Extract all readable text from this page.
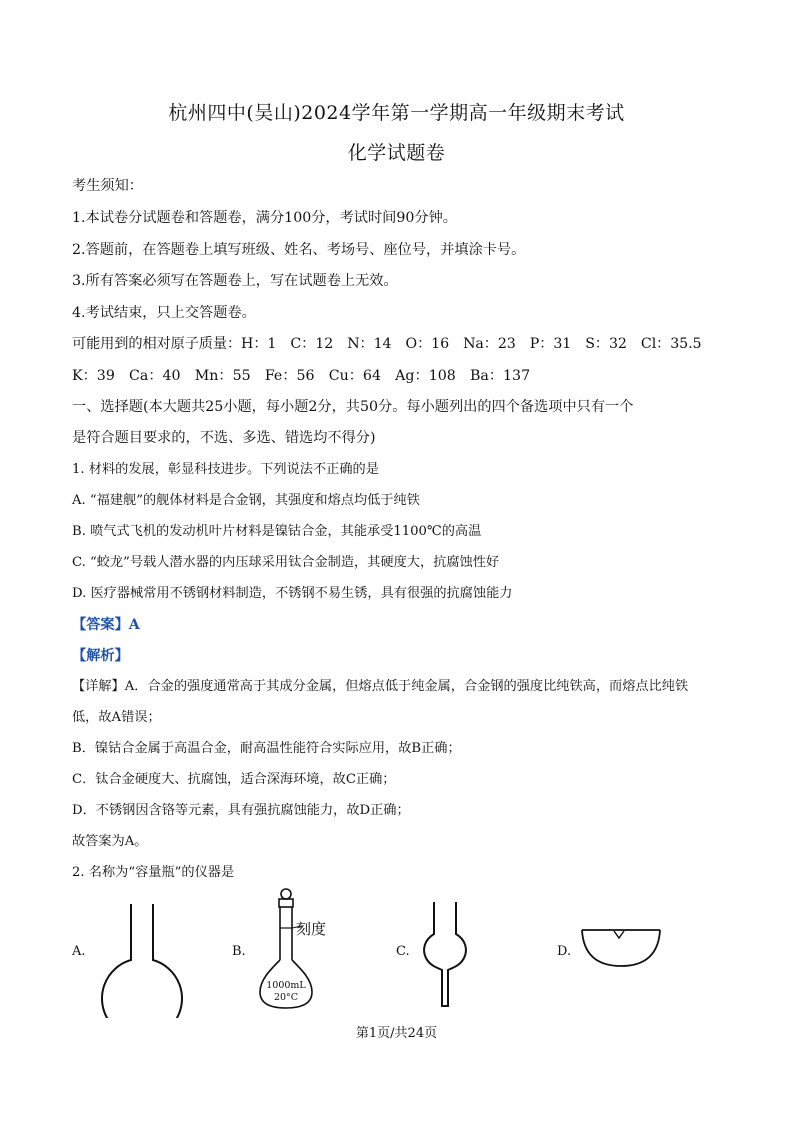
杭州四中(吴山)2024学年第一学期高一年级期末考试
化学试题卷
考生须知：
1.本试卷分试题卷和答题卷，满分100分，考试时间90分钟。
2.答题前，在答题卷上填写班级、姓名、考场号、座位号，并填涂卡号。
3.所有答案必须写在答题卷上，写在试题卷上无效。
4.考试结束，只上交答题卷。
可能用到的相对原子质量：H：1　C：12　N：14　O：16　Na：23　P：31　S：32　Cl：35.5
K：39　Ca：40　Mn：55　Fe：56　Cu：64　Ag：108　Ba：137
一、选择题(本大题共25小题，每小题2分，共50分。每小题列出的四个备选项中只有一个
是符合题目要求的，不选、多选、错选均不得分)
1. 材料的发展，彰显科技进步。下列说法不正确的是
A. “福建舰”的舰体材料是合金钢，其强度和熔点均低于纯铁
B. 喷气式飞机的发动机叶片材料是镍钴合金，其能承受1100℃的高温
C. “蛟龙”号载人潜水器的内压球采用钛合金制造，其硬度大，抗腐蚀性好
D. 医疗器械常用不锈钢材料制造，不锈钢不易生锈，具有很强的抗腐蚀能力
【答案】A
【解析】
【详解】A．合金的强度通常高于其成分金属，但熔点低于纯金属，合金钢的强度比纯铁高，而熔点比纯铁
低，故A错误；
B．镍钴合金属于高温合金，耐高温性能符合实际应用，故B正确；
C．钛合金硬度大、抗腐蚀，适合深海环境，故C正确；
D．不锈钢因含铬等元素，具有强抗腐蚀能力，故D正确；
故答案为A。
2. 名称为“容量瓶”的仪器是
A.	B.	C.	D.
刻度
1000mL
20°C
第1页/共24页
